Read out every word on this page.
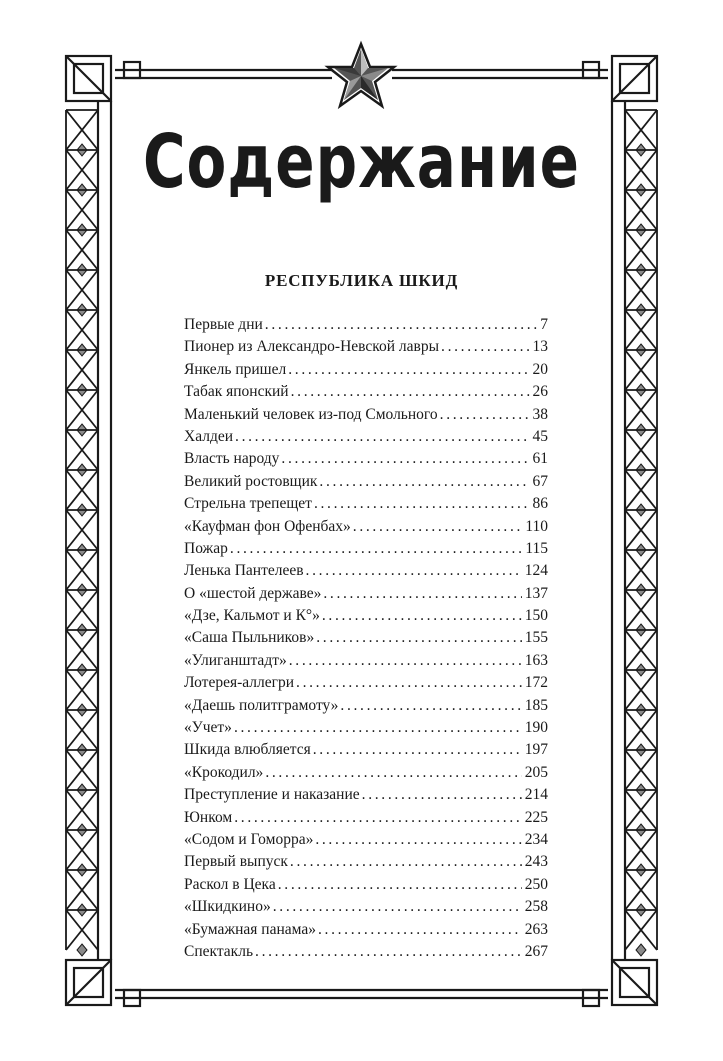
Содержание
РЕСПУБЛИКА ШКИД
Первые дни . . .	7
Пионер из Александро-Невской лавры . . .	13
Янкель пришел . . .	20
Табак японский . . .	26
Маленький человек из-под Смольного . . .	38
Халдеи . . .	45
Власть народу . . .	61
Великий ростовщик . . .	67
Стрельна трепещет . . .	86
«Кауфман фон Офенбах» . . .	110
Пожар . . .	115
Ленька Пантелеев . . .	124
О «шестой державе» . . .	137
«Дзе, Кальмот и К°» . . .	150
«Саша Пыльников» . . .	155
«Улиганштадт» . . .	163
Лотерея-аллегри . . .	172
«Даешь политграмоту» . . .	185
«Учет» . . .	190
Шкида влюбляется . . .	197
«Крокодил» . . .	205
Преступление и наказание . . .	214
Юнком . . .	225
«Содом и Гоморра» . . .	234
Первый выпуск . . .	243
Раскол в Цека . . .	250
«Шкидкино» . . .	258
«Бумажная панама» . . .	263
Спектакль . . .	267
